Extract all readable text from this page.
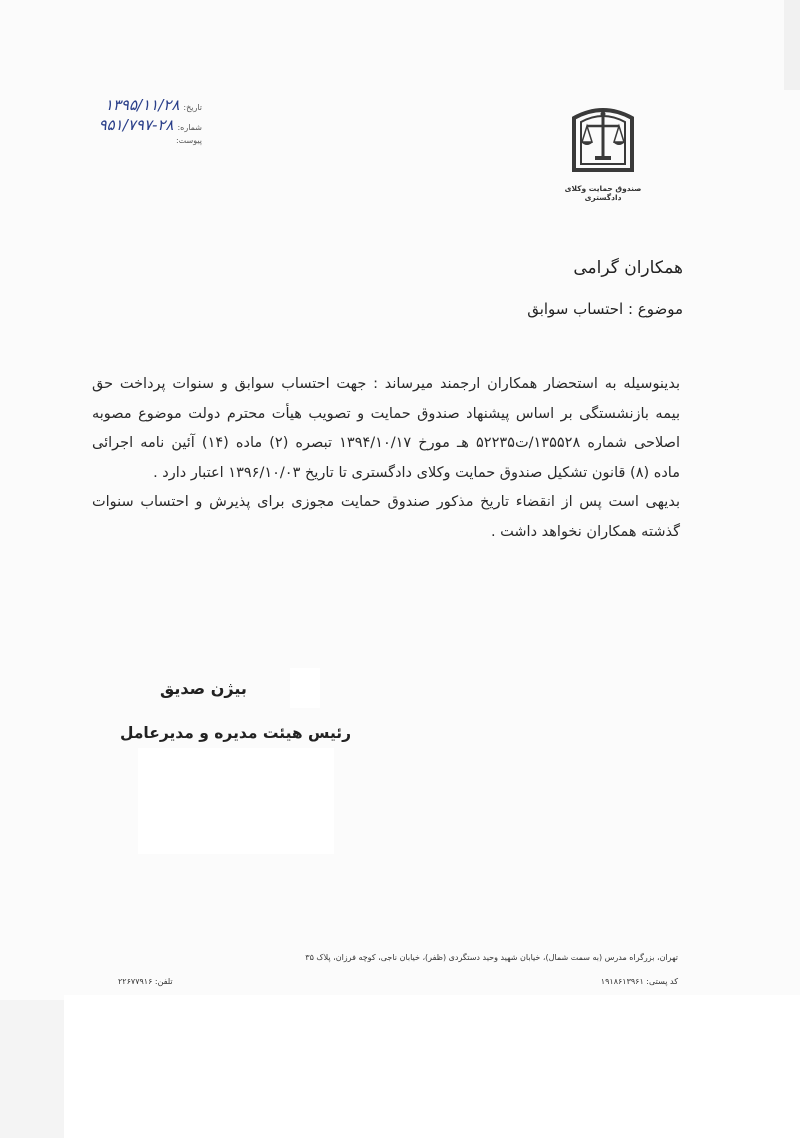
تاریخ:
۱۳۹۵/۱۱/۲۸
شماره:
۹۵۱/۷۹۷-۲۸
پیوست:
صندوق حمایت وکلای دادگستری
همکاران گرامی
موضوع : احتساب سوابق

بدینوسیله به استحضار همکاران ارجمند میرساند : جهت احتساب سوابق و سنوات پرداخت حق بیمه بازنشستگی بر اساس پیشنهاد صندوق حمایت و تصویب هیأت محترم دولت موضوع مصوبه اصلاحی شماره ۱۳۵۵۲۸/ت۵۲۲۳۵ هـ مورخ ۱۳۹۴/۱۰/۱۷ تبصره (۲) ماده (۱۴) آئین نامه اجرائی ماده (۸) قانون تشکیل صندوق حمایت وکلای دادگستری تا تاریخ ۱۳۹۶/۱۰/۰۳ اعتبار دارد .

بدیهی است پس از انقضاء تاریخ مذکور صندوق حمایت مجوزی برای پذیرش و احتساب سنوات گذشته همکاران نخواهد داشت .

بیژن صدیق
رئیس هیئت مدیره و مدیرعامل
تهران، بزرگراه مدرس (به سمت شمال)، خیابان شهید وحید دستگردی (ظفر)، خیابان ناجی، کوچه فرزان، پلاک ۳۵
کد پستی: ۱۹۱۸۶۱۳۹۶۱
تلفن: ۲۲۶۷۷۹۱۶
